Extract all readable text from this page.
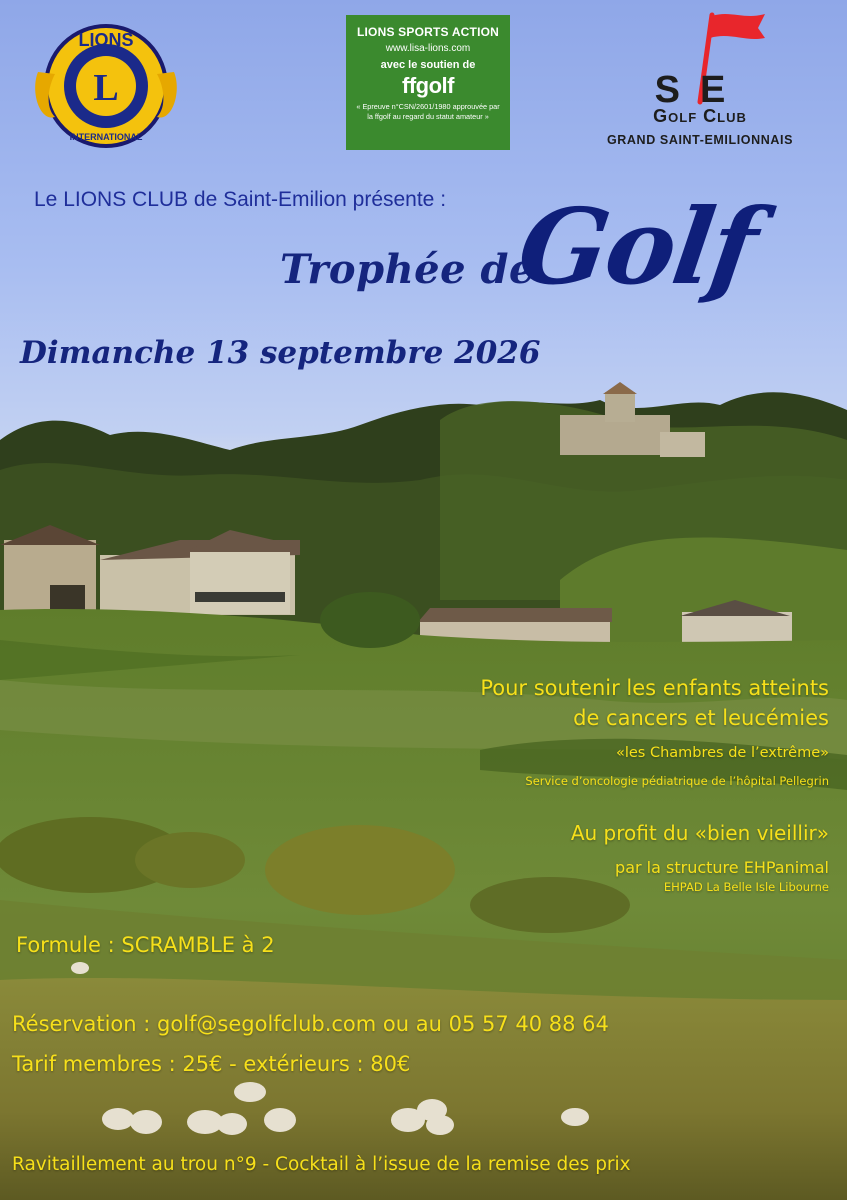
L
LIONS
INTERNATIONAL
LIONS SPORTS ACTION
www.lisa-lions.com
avec le soutien de
ffgolf
« Epreuve n°CSN/2601/1980 approuvée par la ffgolf au regard du statut amateur »
SE
Golf Club
GRAND SAINT-EMILIONNAIS
Le LIONS CLUB de Saint-Emilion présente :
Trophée de
Golf
Dimanche 13 septembre 2026
Pour soutenir les enfants atteints
de cancers et leucémies
«les Chambres de l’extrême»
Service d’oncologie pédiatrique de l’hôpital Pellegrin
Au profit du «bien vieillir»
par la structure EHPanimal
EHPAD La Belle Isle Libourne
Formule : SCRAMBLE à 2
Réservation : golf@segolfclub.com ou au 05 57 40 88 64
Tarif membres : 25€ - extérieurs : 80€
Ravitaillement au trou n°9 - Cocktail à l’issue de la remise des prix
